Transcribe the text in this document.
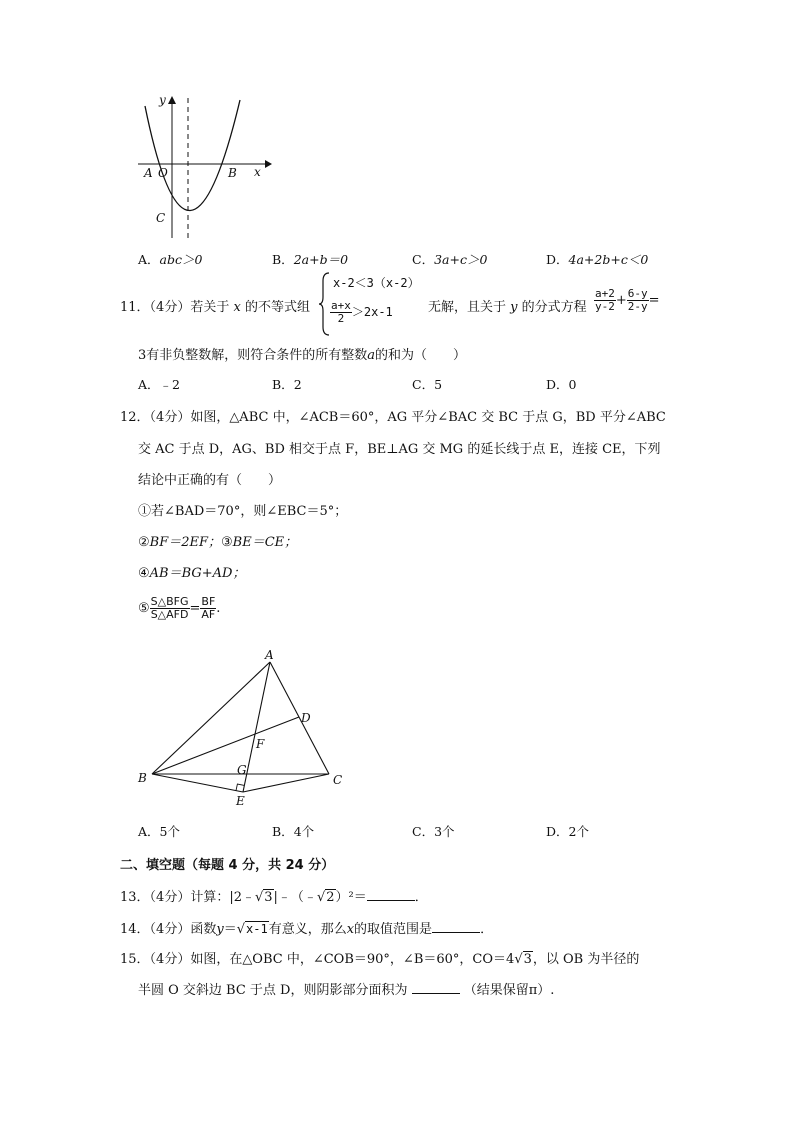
y
x
A O	B
C
A．abc＞0	B．2a+b＝0	C．3a+c＞0	D．4a+2b+c＜0
11．（4分）若关于 x 的不等式组
x-2＜3（x-2）
$\frac{a+x}{2} >2x-1$	无解，且关于 y 的分式方程 $\frac{a+2}{y-2} + \frac{6-y}{2-y}$ =
3有非负整数解，则符合条件的所有整数a的和为（　　）
A．﹣2	B．2	C．5	D．0
12．（4分）如图，△ABC 中，∠ACB＝60°，AG 平分∠BAC 交 BC 于点 G，BD 平分∠ABC
交 AC 于点 D，AG、BD 相交于点 F，BE⊥AG 交 MG 的延长线于点 E，连接 CE，下列
结论中正确的有（　　）
①若∠BAD＝70°，则∠EBC＝5°；
②BF＝2EF；③BE＝CE；
④AB＝BG+AD；
⑤ $\frac{\text{S△BFG}}{\text{S△AFD}} = \frac{BF}{AF}$ .
A
B	C
D
F
G
E
A．5个	B．4个	C．3个	D．2个
二、填空题（每题 4 分，共 24 分）
13．（4分）计算：|2﹣√3|﹣（﹣√2）²＝	．
14．（4分）函数y＝√x-1有意义，那么x的取值范围是	．
15．（4分）如图，在△OBC 中，∠COB＝90°，∠B＝60°，CO＝4√3，以 OB 为半径的
半圆 O 交斜边 BC 于点 D，则阴影部分面积为	（结果保留π）.
